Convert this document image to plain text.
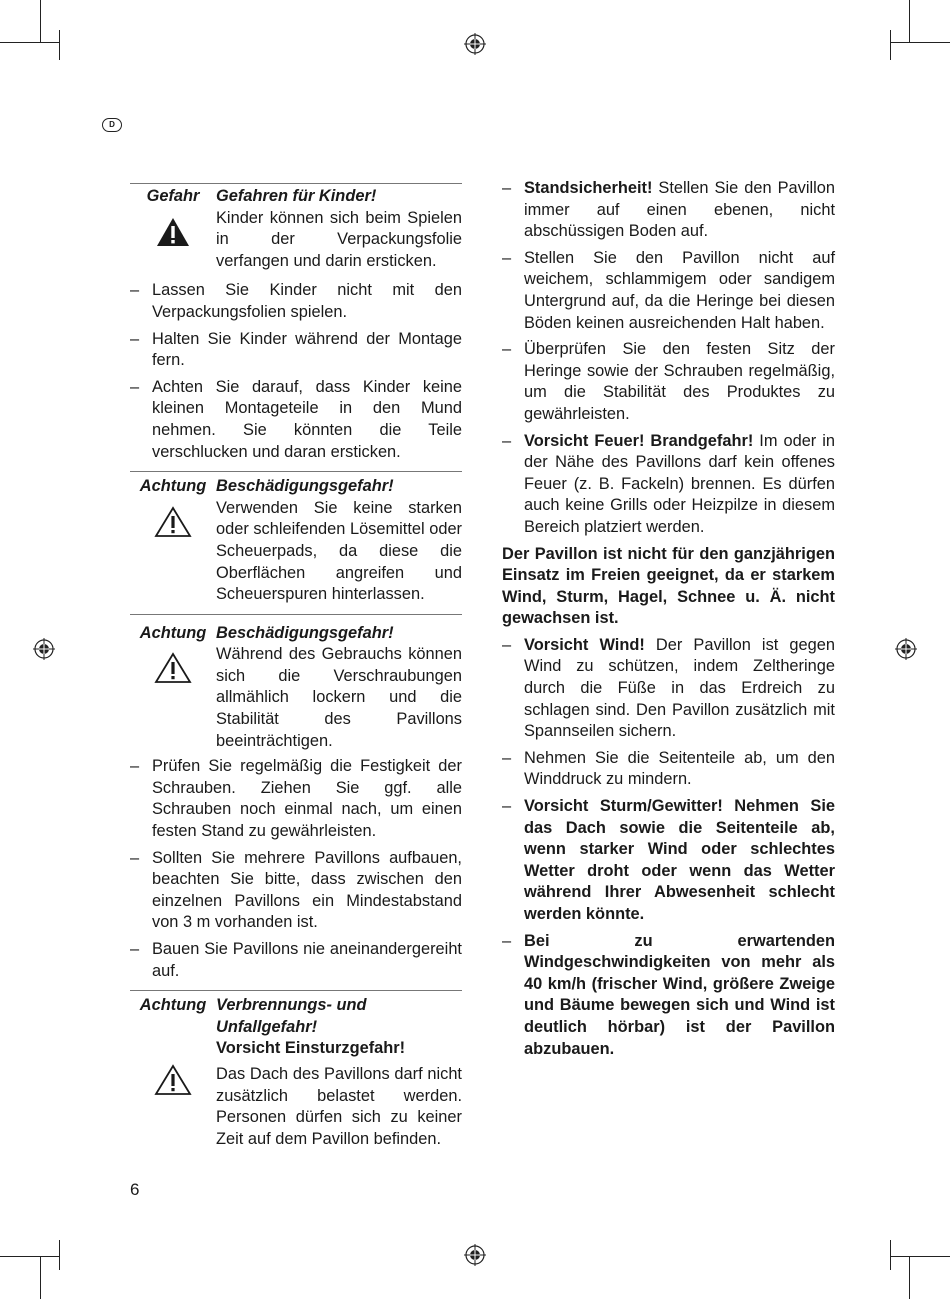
D
Gefahr	Gefahren für Kinder!
Kinder können sich beim Spielen in der Verpackungsfolie verfangen und darin ersticken.
– Lassen Sie Kinder nicht mit den Verpackungsfolien spielen.
– Halten Sie Kinder während der Montage fern.
– Achten Sie darauf, dass Kinder keine kleinen Montageteile in den Mund nehmen. Sie könnten die Teile verschlucken und daran ersticken.
Achtung Beschädigungsgefahr!
Verwenden Sie keine starken oder schleifenden Lösemittel oder Scheuerpads, da diese die Oberflächen angreifen und Scheuerspuren hinterlassen.
Achtung Beschädigungsgefahr!
Während des Gebrauchs können sich die Verschraubungen allmählich lockern und die Stabilität des Pavillons beeinträchtigen.
– Prüfen Sie regelmäßig die Festigkeit der Schrauben. Ziehen Sie ggf. alle Schrauben noch einmal nach, um einen festen Stand zu gewährleisten.
– Sollten Sie mehrere Pavillons aufbauen, beachten Sie bitte, dass zwischen den einzelnen Pavillons ein Mindestabstand von 3 m vorhanden ist.
– Bauen Sie Pavillons nie aneinandergereiht auf.
Achtung Verbrennungs- und Unfallgefahr!
Vorsicht Einsturzgefahr!
Das Dach des Pavillons darf nicht zusätzlich belastet werden. Personen dürfen sich zu keiner Zeit auf dem Pavillon befinden.
– Standsicherheit! Stellen Sie den Pavillon immer auf einen ebenen, nicht abschüssigen Boden auf.
– Stellen Sie den Pavillon nicht auf weichem, schlammigem oder sandigem Untergrund auf, da die Heringe bei diesen Böden keinen ausreichenden Halt haben.
– Überprüfen Sie den festen Sitz der Heringe sowie der Schrauben regelmäßig, um die Stabilität des Produktes zu gewährleisten.
– Vorsicht Feuer! Brandgefahr! Im oder in der Nähe des Pavillons darf kein offenes Feuer (z. B. Fackeln) brennen. Es dürfen auch keine Grills oder Heizpilze in diesem Bereich platziert werden.
Der Pavillon ist nicht für den ganzjährigen Einsatz im Freien geeignet, da er starkem Wind, Sturm, Hagel, Schnee u. Ä. nicht gewachsen ist.
– Vorsicht Wind! Der Pavillon ist gegen Wind zu schützen, indem Zeltheringe durch die Füße in das Erdreich zu schlagen sind. Den Pavillon zusätzlich mit Spannseilen sichern.
– Nehmen Sie die Seitenteile ab, um den Winddruck zu mindern.
– Vorsicht Sturm/Gewitter! Nehmen Sie das Dach sowie die Seitenteile ab, wenn starker Wind oder schlechtes Wetter droht oder wenn das Wetter während Ihrer Abwesenheit schlecht werden könnte.
– Bei zu erwartenden Windgeschwindigkeiten von mehr als 40 km/h (frischer Wind, größere Zweige und Bäume bewegen sich und Wind ist deutlich hörbar) ist der Pavillon abzubauen.
6
